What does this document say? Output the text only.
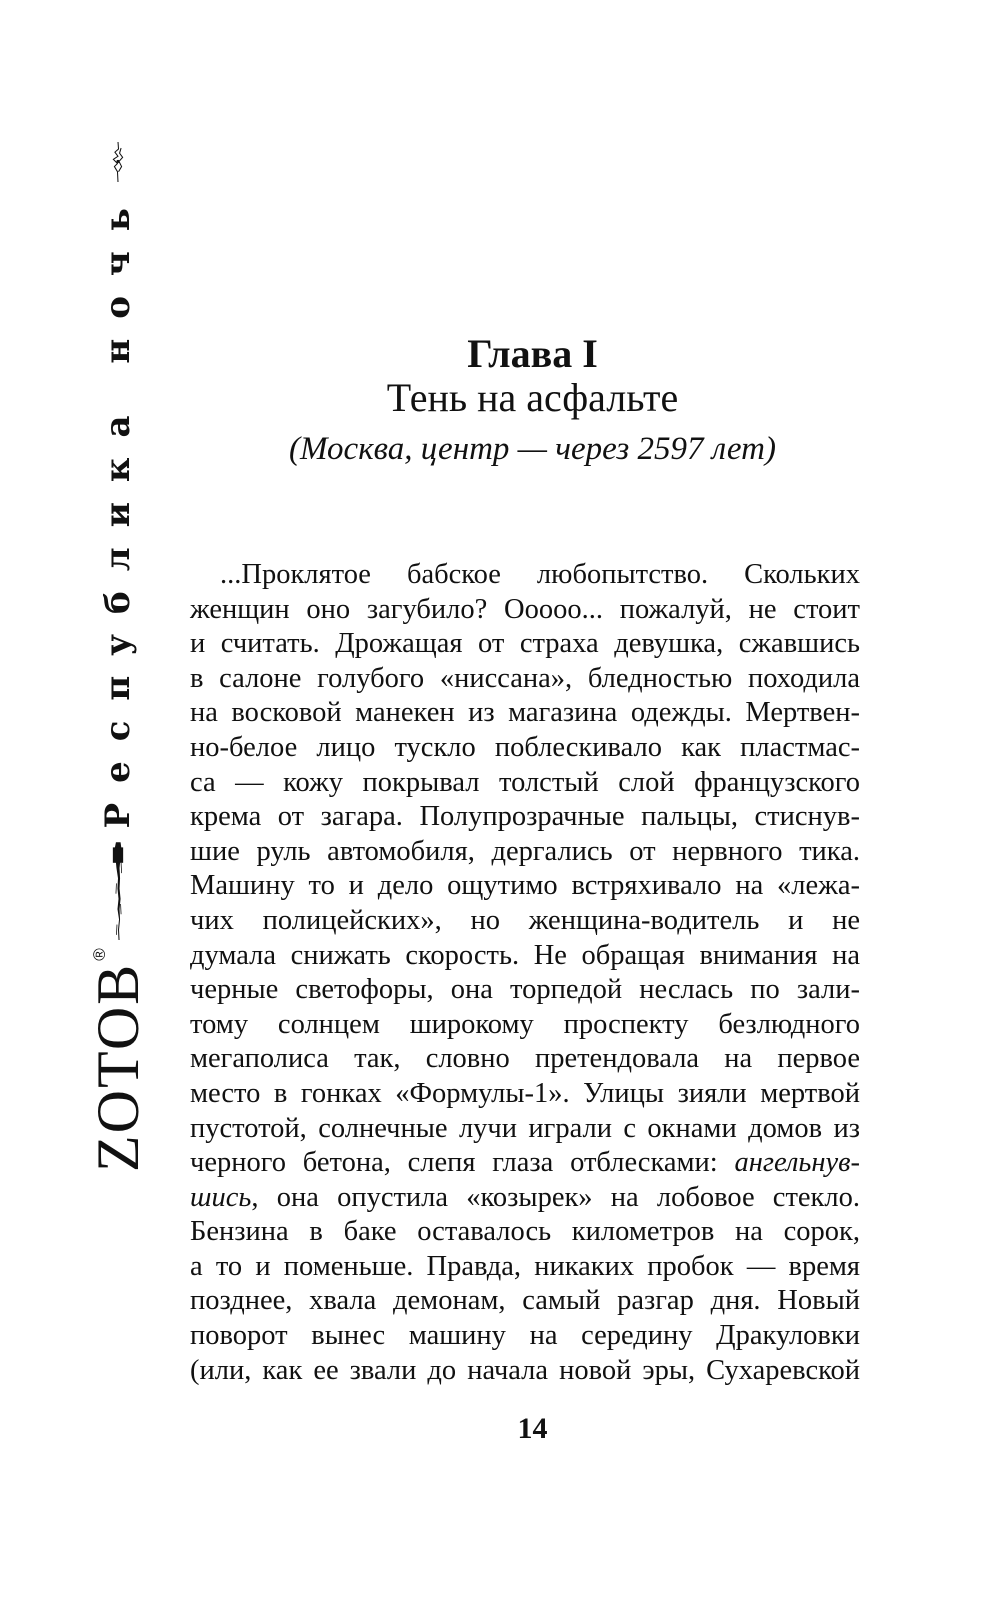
ZОТОВ
®
Республика ночь	Глава I
Тень на асфальте
(Москва, центр — через 2597 лет)
...Проклятое бабское любопытство. Скольких
женщин оно загубило? Ооооо... пожалуй, не стоит
и считать. Дрожащая от страха девушка, сжавшись
в салоне голубого «ниссана», бледностью походила
на восковой манекен из магазина одежды. Мертвен-
но-белое лицо тускло поблескивало как пластмас-
са — кожу покрывал толстый слой французского
крема от загара. Полупрозрачные пальцы, стиснув-
шие руль автомобиля, дергались от нервного тика.
Машину то и дело ощутимо встряхивало на «лежа-
чих полицейских», но женщина-водитель и не
думала снижать скорость. Не обращая внимания на
черные светофоры, она торпедой неслась по зали-
тому солнцем широкому проспекту безлюдного
мегаполиса так, словно претендовала на первое
место в гонках «Формулы-1». Улицы зияли мертвой
пустотой, солнечные лучи играли с окнами домов из
черного бетона, слепя глаза отблесками: ангельнув-
шись, она опустила «козырек» на лобовое стекло.
Бензина в баке оставалось километров на сорок,
а то и поменьше. Правда, никаких пробок — время
позднее, хвала демонам, самый разгар дня. Новый
поворот вынес машину на середину Дракуловки
(или, как ее звали до начала новой эры, Сухаревской
14
